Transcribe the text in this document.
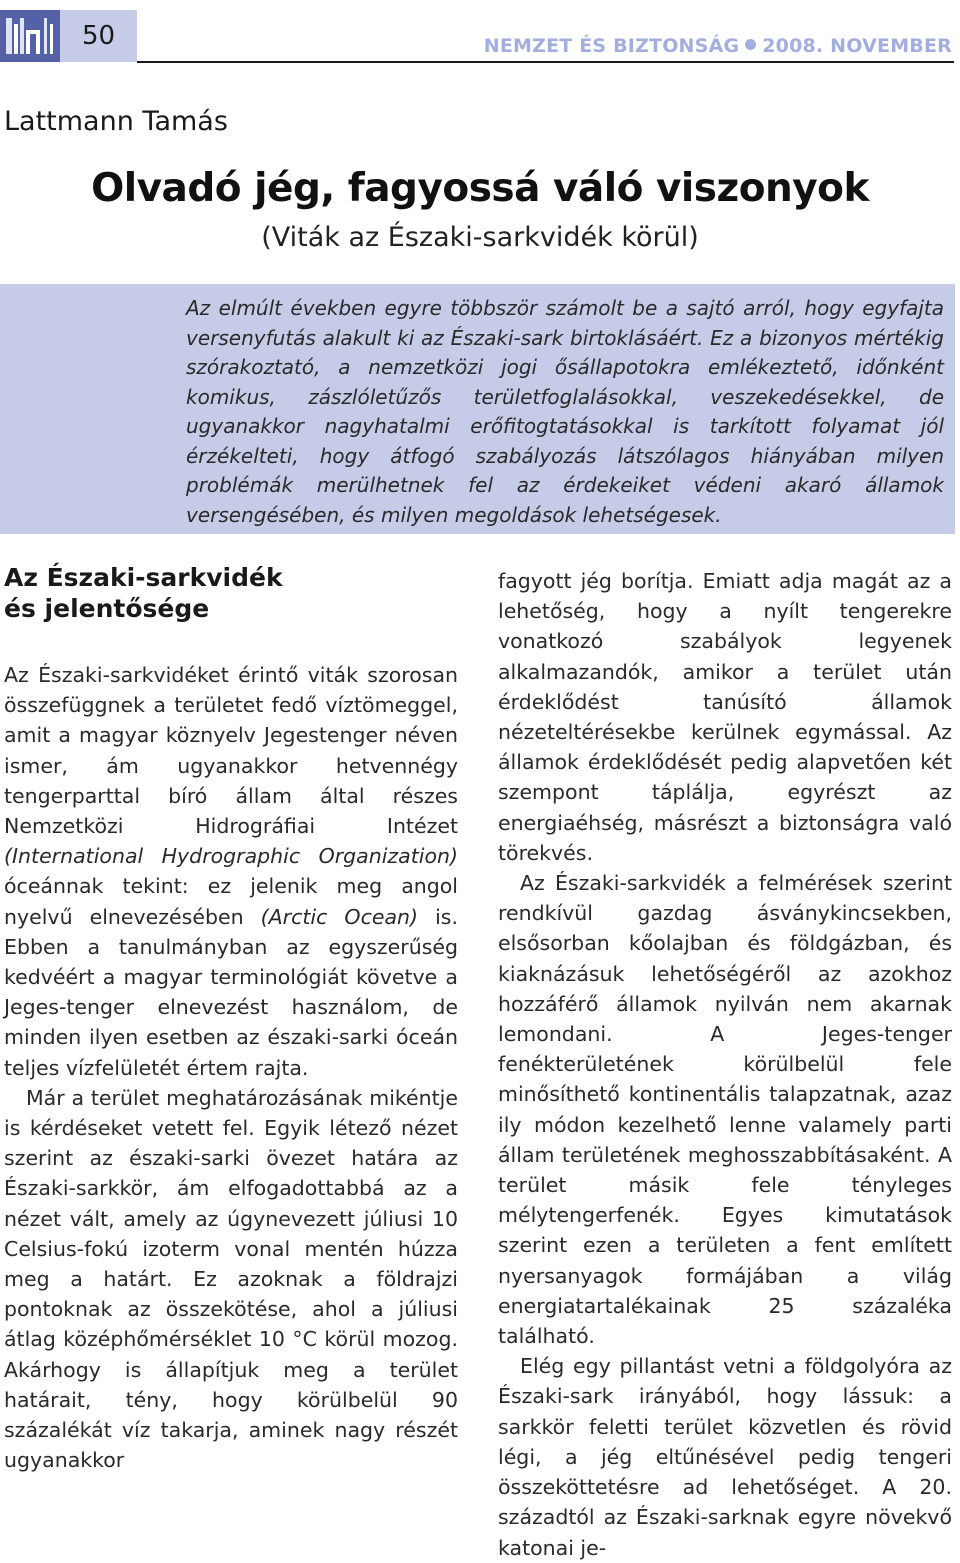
50	NEMZET ÉS BIZTONSÁG 2008. NOVEMBER
Lattmann Tamás
Olvadó jég, fagyossá váló viszonyok
(Viták az Északi-sarkvidék körül)
Az elmúlt években egyre többször számolt be a sajtó arról, hogy egyfajta versenyfutás alakult ki az Északi-sark birtoklásáért. Ez a bizonyos mértékig szórakoztató, a nemzetközi jogi ősállapotokra emlékeztető, időnként komikus, zászlóletűzős területfoglalásokkal, veszekedésekkel, de ugyanakkor nagyhatalmi erőfitogtatásokkal is tarkított folyamat jól érzékelteti, hogy átfogó szabályozás látszólagos hiányában milyen problémák merülhetnek fel az érdekeiket védeni akaró államok versengésében, és milyen megoldások lehetségesek.
Az Északi-sarkvidék
és jelentősége

Az Északi-sarkvidéket érintő viták szorosan összefüggnek a területet fedő víztömeggel, amit a magyar köznyelv Jegestenger néven ismer, ám ugyanakkor hetvennégy tengerparttal bíró állam által részes Nemzetközi Hidrográfiai Intézet (International Hydrographic Organization) óceánnak tekint: ez jelenik meg angol nyelvű elnevezésében (Arctic Ocean) is. Ebben a tanulmányban az egyszerűség kedvéért a magyar terminológiát követve a Jeges-tenger elnevezést használom, de minden ilyen esetben az északi-sarki óceán teljes vízfelületét értem rajta.

Már a terület meghatározásának mikéntje is kérdéseket vetett fel. Egyik létező nézet szerint az északi-sarki övezet határa az Északi-sarkkör, ám elfogadottabbá az a nézet vált, amely az úgynevezett júliusi 10 Celsius-fokú izoterm vonal mentén húzza meg a határt. Ez azoknak a földrajzi pontoknak az összekötése, ahol a júliusi átlag középhőmérséklet 10 °C körül mozog. Akárhogy is állapítjuk meg a terület határait, tény, hogy körülbelül 90 százalékát víz takarja, aminek nagy részét ugyanakkor

fagyott jég borítja. Emiatt adja magát az a lehetőség, hogy a nyílt tengerekre vonatkozó szabályok legyenek alkalmazandók, amikor a terület után érdeklődést tanúsító államok nézeteltérésekbe kerülnek egymással. Az államok érdeklődését pedig alapvetően két szempont táplálja, egyrészt az energiaéhség, másrészt a biztonságra való törekvés.

Az Északi-sarkvidék a felmérések szerint rendkívül gazdag ásványkincsekben, elsősorban kőolajban és földgázban, és kiaknázásuk lehetőségéről az azokhoz hozzáférő államok nyilván nem akarnak lemondani. A Jeges-tenger fenékterületének körülbelül fele minősíthető kontinentális talapzatnak, azaz ily módon kezelhető lenne valamely parti állam területének meghosszabbításaként. A terület másik fele tényleges mélytengerfenék. Egyes kimutatások szerint ezen a területen a fent említett nyersanyagok formájában a világ energiatartalékainak 25 százaléka található.

Elég egy pillantást vetni a földgolyóra az Északi-sark irányából, hogy lássuk: a sarkkör feletti terület közvetlen és rövid légi, a jég eltűnésével pedig tengeri összeköttetésre ad lehetőséget. A 20. századtól az Északi-sarknak egyre növekvő katonai je-
